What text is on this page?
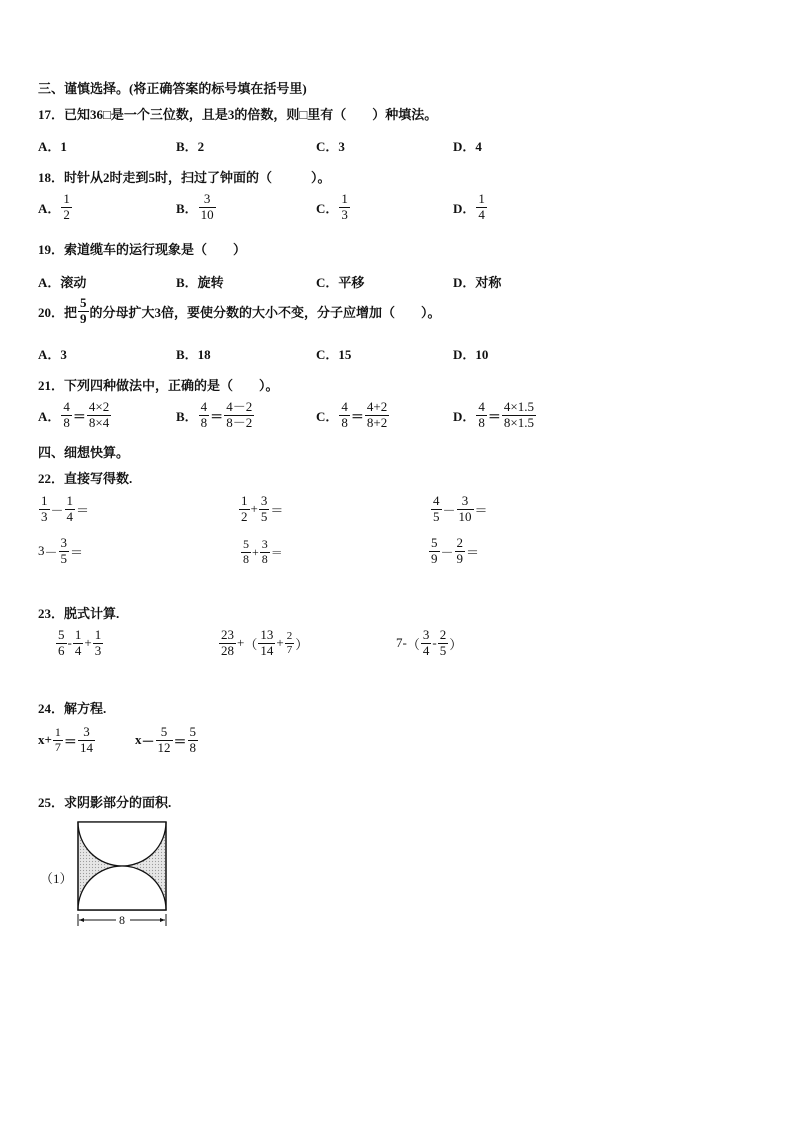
三、谨慎选择。(将正确答案的标号填在括号里)
17．已知36□是一个三位数，且是3的倍数，则□里有（　　）种填法。
A．1	B．2	C．3	D．4
18．时针从2时走到5时，扫过了钟面的（　　　）。
A． $\frac{1}{2}$	B． $\frac{3}{10}$	C． $\frac{1}{3}$	D． $\frac{1}{4}$
19．索道缆车的运行现象是（　　）
A．滚动	B．旋转	C．平移	D．对称
20．把 $\frac{5}{9}$ 的分母扩大3倍，要使分数的大小不变，分子应增加（　　）。
A．3	B．18	C．15	D．10
21．下列四种做法中，正确的是（　　）。
A． $\frac{4}{8} = \frac{4\times 2}{8\times 4}$	B． $\frac{4}{8} = \frac{4-2}{8-2}$	C． $\frac{4}{8} = \frac{4+2}{8+2}$	D． $\frac{4}{8} = \frac{4\times 1.5}{8\times 1.5}$
四、细想快算。
22．直接写得数.
$\frac{1}{3} - \frac{1}{4}$ ＝	$\frac{1}{2} + \frac{3}{5}$ ＝	$\frac{4}{5} - \frac{3}{10}$ ＝
$3 - \frac{3}{5}$ ＝	$\frac{5}{8} + \frac{3}{8}$ ＝	$\frac{5}{9} - \frac{2}{9}$ ＝
23．脱式计算.
$\frac{5}{6} - \frac{1}{4} + \frac{1}{3}$	$\frac{23}{28}$ + （ $\frac{13}{14} + \frac{2}{7}$ ）	7- （ $\frac{3}{4} - \frac{2}{5}$ ）
24．解方程.
$x + \frac{1}{7} = \frac{3}{14}$	$x - \frac{5}{12} = \frac{5}{8}$
25．求阴影部分的面积.
（1）
8
